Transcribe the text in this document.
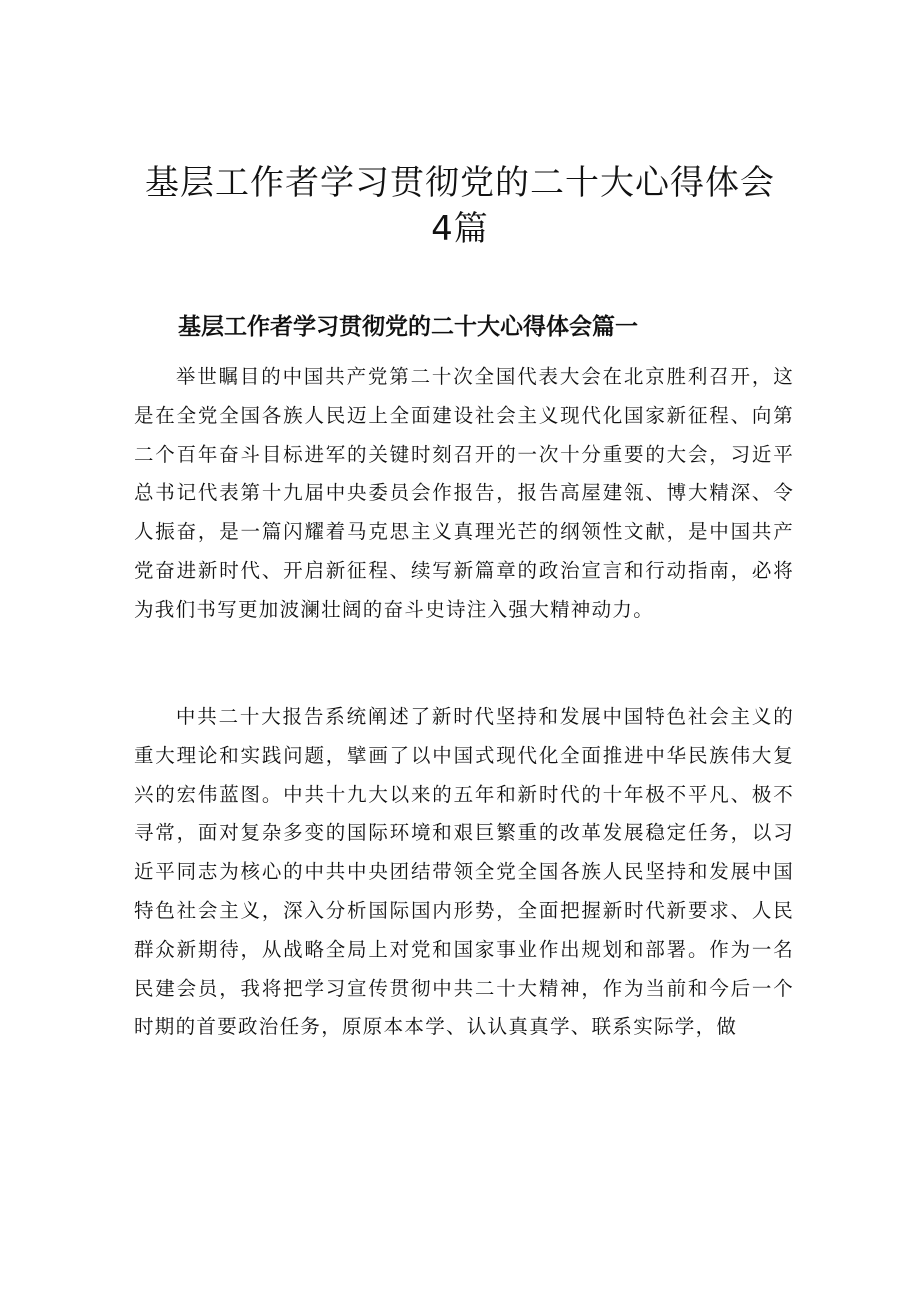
基层工作者学习贯彻党的二十大心得体会
4篇
基层工作者学习贯彻党的二十大心得体会篇一

举世瞩目的中国共产党第二十次全国代表大会在北京胜利召开，这是在全党全国各族人民迈上全面建设社会主义现代化国家新征程、向第二个百年奋斗目标进军的关键时刻召开的一次十分重要的大会，习近平总书记代表第十九届中央委员会作报告，报告高屋建瓴、博大精深、令人振奋，是一篇闪耀着马克思主义真理光芒的纲领性文献，是中国共产党奋进新时代、开启新征程、续写新篇章的政治宣言和行动指南，必将为我们书写更加波澜壮阔的奋斗史诗注入强大精神动力。

中共二十大报告系统阐述了新时代坚持和发展中国特色社会主义的重大理论和实践问题，擘画了以中国式现代化全面推进中华民族伟大复兴的宏伟蓝图。中共十九大以来的五年和新时代的十年极不平凡、极不寻常，面对复杂多变的国际环境和艰巨繁重的改革发展稳定任务，以习近平同志为核心的中共中央团结带领全党全国各族人民坚持和发展中国特色社会主义，深入分析国际国内形势，全面把握新时代新要求、人民群众新期待，从战略全局上对党和国家事业作出规划和部署。作为一名民建会员，我将把学习宣传贯彻中共二十大精神，作为当前和今后一个时期的首要政治任务，原原本本学、认认真真学、联系实际学，做
